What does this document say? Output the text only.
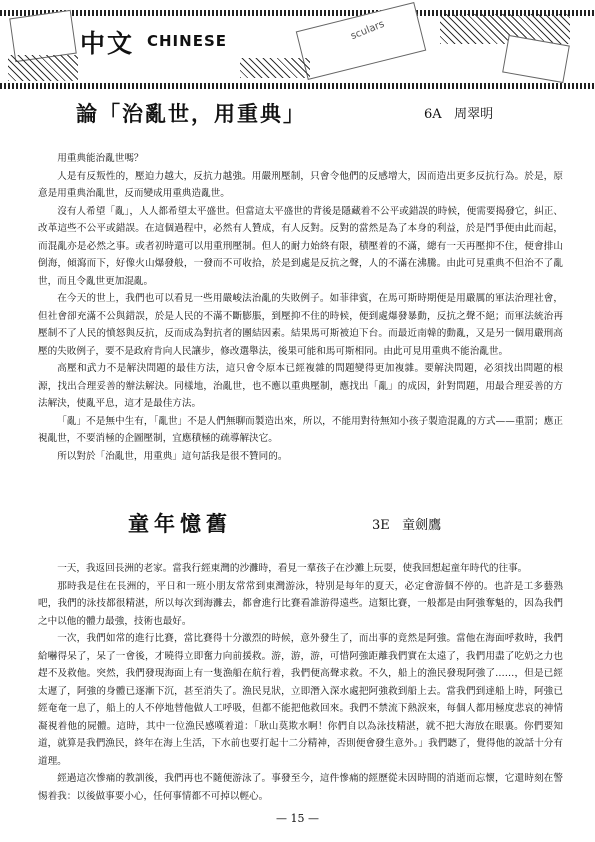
中文 CHINESE	sculars
論「治亂世，用重典」	6A 周翠明

用重典能治亂世嗎？

人是有反叛性的，壓迫力越大，反抗力越強。用嚴刑壓制，只會令他們的反感增大，因而造出更多反抗行為。於是，原意是用重典治亂世，反而變成用重典造亂世。

沒有人希望「亂」，人人都希望太平盛世。但當這太平盛世的背後是隱藏着不公平或錯誤的時候，便需要揭發它，糾正、改革這些不公平或錯誤。在這個過程中，必然有人贊成，有人反對。反對的當然是為了本身的利益，於是鬥爭便由此而起，而混亂亦是必然之事。或者初時還可以用重刑壓制。但人的耐力始終有限，積壓着的不滿，總有一天再壓抑不住，便會排山倒海，傾瀉而下，好像火山爆發般，一發而不可收拾，於是到處是反抗之聲，人的不滿在沸騰。由此可見重典不但治不了亂世，而且令亂世更加混亂。

在今天的世上，我們也可以看見一些用嚴峻法治亂的失敗例子。如菲律賓，在馬可斯時期便是用嚴厲的軍法治理社會，但社會卻充滿不公與錯誤，於是人民的不滿不斷膨脹，到壓抑不住的時候，便到處爆發暴動，反抗之聲不絕；而軍法統治再壓制不了人民的憤怒與反抗，反而成為對抗者的團結因素。結果馬可斯被迫下台。而最近南韓的動亂，又是另一個用嚴刑高壓的失敗例子，要不是政府肯向人民讓步，修改選舉法，後果可能和馬可斯相同。由此可見用重典不能治亂世。

高壓和武力不是解決問題的最佳方法，這只會令原本已經複雜的問題變得更加複雜。要解決問題，必須找出問題的根源，找出合理妥善的辦法解決。同樣地，治亂世，也不應以重典壓制，應找出「亂」的成因，針對問題，用最合理妥善的方法解決，使亂平息，這才是最佳方法。

「亂」不是無中生有，「亂世」不是人們無聊而製造出來，所以，不能用對待無知小孩子製造混亂的方式——重罰；應正視亂世，不要消極的企圖壓制，宜應積極的疏導解決它。

所以對於「治亂世，用重典」這句話我是很不贊同的。

童年憶舊	3E 童劍鷹

一天，我返回長洲的老家。當我行經東灣的沙灘時，看見一羣孩子在沙灘上玩耍，使我回想起童年時代的往事。

那時我是住在長洲的，平日和一班小朋友常常到東灣游泳，特別是每年的夏天，必定會游個不停的。也許是工多藝熟吧，我們的泳技都很精湛，所以每次到海灘去，都會進行比賽看誰游得遠些。這類比賽，一般都是由阿強奪魁的，因為我們之中以他的體力最強，技術也最好。

一次，我們如常的進行比賽，當比賽得十分激烈的時候，意外發生了，而出事的竟然是阿強。當他在海面呼救時，我們給嚇得呆了，呆了一會後，才曉得立即奮力向前援救。游，游，游，可惜阿強距離我們實在太遠了，我們用盡了吃奶之力也趕不及救他。突然，我們發現海面上有一隻漁船在航行着，我們便高聲求救。不久，船上的漁民發現阿強了……，但是已經太遲了，阿強的身體已逐漸下沉，甚至消失了。漁民見狀，立即潛入深水處把阿強救到船上去。當我們到達船上時，阿強已經奄奄一息了，船上的人不停地替他做人工呼吸，但都不能把他救回來。我們不禁流下熱淚來，每個人都用極度悲哀的神情凝視着他的屍體。這時，其中一位漁民感嘆着道：「耿山莫欺水啊！你們自以為泳技精湛，就不把大海放在眼裏。你們要知道，就算是我們漁民，終年在海上生活，下水前也要打起十二分精神，否則便會發生意外。」我們聽了，覺得他的說話十分有道理。

經過這次慘痛的教訓後，我們再也不隨便游泳了。事發至今，這件慘痛的經歷從未因時間的消逝而忘懷，它還時刻在警惕着我：以後做事要小心，任何事情都不可掉以輕心。

— 15 —
